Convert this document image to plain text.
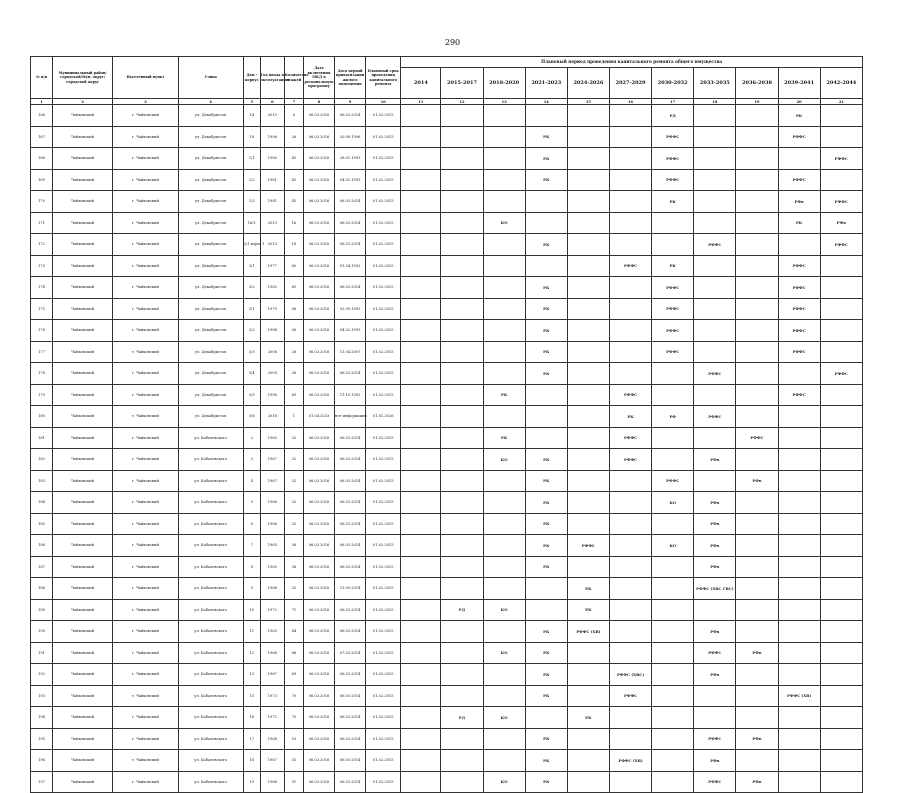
290
№ п/п	Муниципальный район/городской/Мун. округ/городской округ	Населенный пункт	Улица	Дом - корпус	Год ввода в эксплуатацию	Количество этажей	Дата включения МКД в региональную программу	Дата первой приватизации жилого помещения	Плановый срок проведения капитального ремонта	Плановый период проведения капитального ремонта общего имущества										
										2014	2015-2017	2018-2020	2021-2023	2024-2026	2027-2029	2030-2032	2033-2035	2036-2038	2039-2041	2042-2044
1	2	3	4	5	6	7	8	9	10	11	12	13	14	15	16	17	18	19	20	21
166	Чайковский	г. Чайковский	ул. Декабристов	14	2015	6	06.03.2016	06.03.2014	01.02.2015							РД			РК	
167	Чайковский	г. Чайковский	ул. Декабристов	18	1996	26	06.03.2016	20.08.1996	01.02.2015				РК			РФФС			РФФС	
168	Чайковский	г. Чайковский	ул. Декабристов	1/1	1980	45	06.03.2016	28.01.1993	01.02.2015				РК			РФФС				РФФС
169	Чайковский	г. Чайковский	ул. Декабристов	1/2	1981	45	06.03.2016	04.02.1993	01.02.2015				РК			РФФС			РФФС	
170	Чайковский	г. Чайковский	ул. Декабристов	1/3	1981	45	06.03.2016	06.03.2014	01.02.2015							РК			РФв	РФФС
171	Чайковский	г. Чайковский	ул. Декабристов	16/1	2013	16	06.03.2016	06.03.2014	01.02.2015			КО							РК	РФв
172	Чайковский	г. Чайковский	ул. Декабристов	2/1 корп. 1	2013	18	06.03.2016	06.03.2014	01.02.2015				РК				РФФС			РФФС
173	Чайковский	г. Чайковский	ул. Декабристов	3/1	1977	60	06.03.2016	01.04.1992	01.02.2015						РФФС	РК			РФФС	
174	Чайковский	г. Чайковский	ул. Декабристов	3/2	1982	65	06.03.2016	06.03.2014	01.02.2015				РК			РФФС			РФФС	
175	Чайковский	г. Чайковский	ул. Декабристов	5/1	1979	56	06.03.2016	02.09.1992	01.02.2015				РК			РФФС			РФФС	
176	Чайковский	г. Чайковский	ул. Декабристов	5/2	1984	56	06.03.2016	04.02.1993	01.02.2015				РК			РФФС			РФФС	
177	Чайковский	г. Чайковский	ул. Декабристов	5/3	2006	26	06.03.2016	11.04.2007	01.02.2015				РК			РФФС			РФФС	
178	Чайковский	г. Чайковский	ул. Декабристов	5/4	2009	26	06.03.2016	06.03.2014	01.02.2015				РК				РФФС			РФФС
179	Чайковский	г. Чайковский	ул. Декабристов	5/5	1990	69	06.03.2016	11.10.1992	01.02.2015			РК			РФФС				РФФС	
180	Чайковский	г. Чайковский	ул. Декабристов	5/6	2018	1	01.04.2023	нет информации	01.01.2026						РК	РФ	РФФС			
181	Чайковский	г. Чайковский	ул. Кабалевского	2	1963	32	06.03.2016	06.03.2014	01.02.2015			РК			РФФС			РФФС		
182	Чайковский	г. Чайковский	ул. Кабалевского	3	1967	32	06.03.2016	06.03.2014	01.02.2015			КО	РК		РФФС		РФв			
183	Чайковский	г. Чайковский	ул. Кабалевского	4	1967	32	06.03.2016	06.03.2014	01.02.2015				РК			РФФС		РФв		
184	Чайковский	г. Чайковский	ул. Кабалевского	5	1966	32	06.03.2016	06.03.2014	01.02.2015				РК			КО	РФв			
185	Чайковский	г. Чайковский	ул. Кабалевского	6	1966	32	06.03.2016	06.03.2014	01.02.2015				РК				РФв			
186	Чайковский	г. Чайковский	ул. Кабалевского	7	1965	36	06.03.2016	06.03.2014	01.02.2015				РК	РФФС		КО	РФв			
187	Чайковский	г. Чайковский	ул. Кабалевского	8	1965	36	06.03.2016	06.03.2014	01.02.2015				РК				РФв			
188	Чайковский	г. Чайковский	ул. Кабалевского	9	1968	32	06.03.2016	13.09.2014	01.02.2015					РК			РФФС (ХВС ГВС)			
189	Чайковский	г. Чайковский	ул. Кабалевского	10	1972	71	06.03.2016	06.03.2014	01.02.2015		РД	КО		РК						
190	Чайковский	г. Чайковский	ул. Кабалевского	11	1963	64	06.03.2016	06.03.2014	01.02.2015				РК	РФФС (ХВ)			РФв			
191	Чайковский	г. Чайковский	ул. Кабалевского	12	1968	68	06.03.2016	07.03.2014	01.02.2015			КО	РК				РФФС	РФв		
192	Чайковский	г. Чайковский	ул. Кабалевского	13	1967	69	06.03.2016	06.03.2014	01.02.2015				РК		РФФС (ХВС)		РФв			
193	Чайковский	г. Чайковский	ул. Кабалевского	15	1973	70	06.03.2016	06.03.2014	01.02.2015				РК		РФФС				РФФС (ХВ)	
194	Чайковский	г. Чайковский	ул. Кабалевского	16	1972	70	06.03.2016	06.03.2014	01.02.2015		РД	КО		РК						
195	Чайковский	г. Чайковский	ул. Кабалевского	17	1968	53	06.03.2016	06.03.2014	01.02.2015				РК				РФФС	РФв		
196	Чайковский	г. Чайковский	ул. Кабалевского	18	1967	55	06.03.2016	06.03.2014	01.02.2015				РК		РФФС (ХВ)		РФв			
197	Чайковский	г. Чайковский	ул. Кабалевского	19	1968	51	06.03.2016	06.03.2014	01.02.2015			КО	РК				РФФС	РФв		
